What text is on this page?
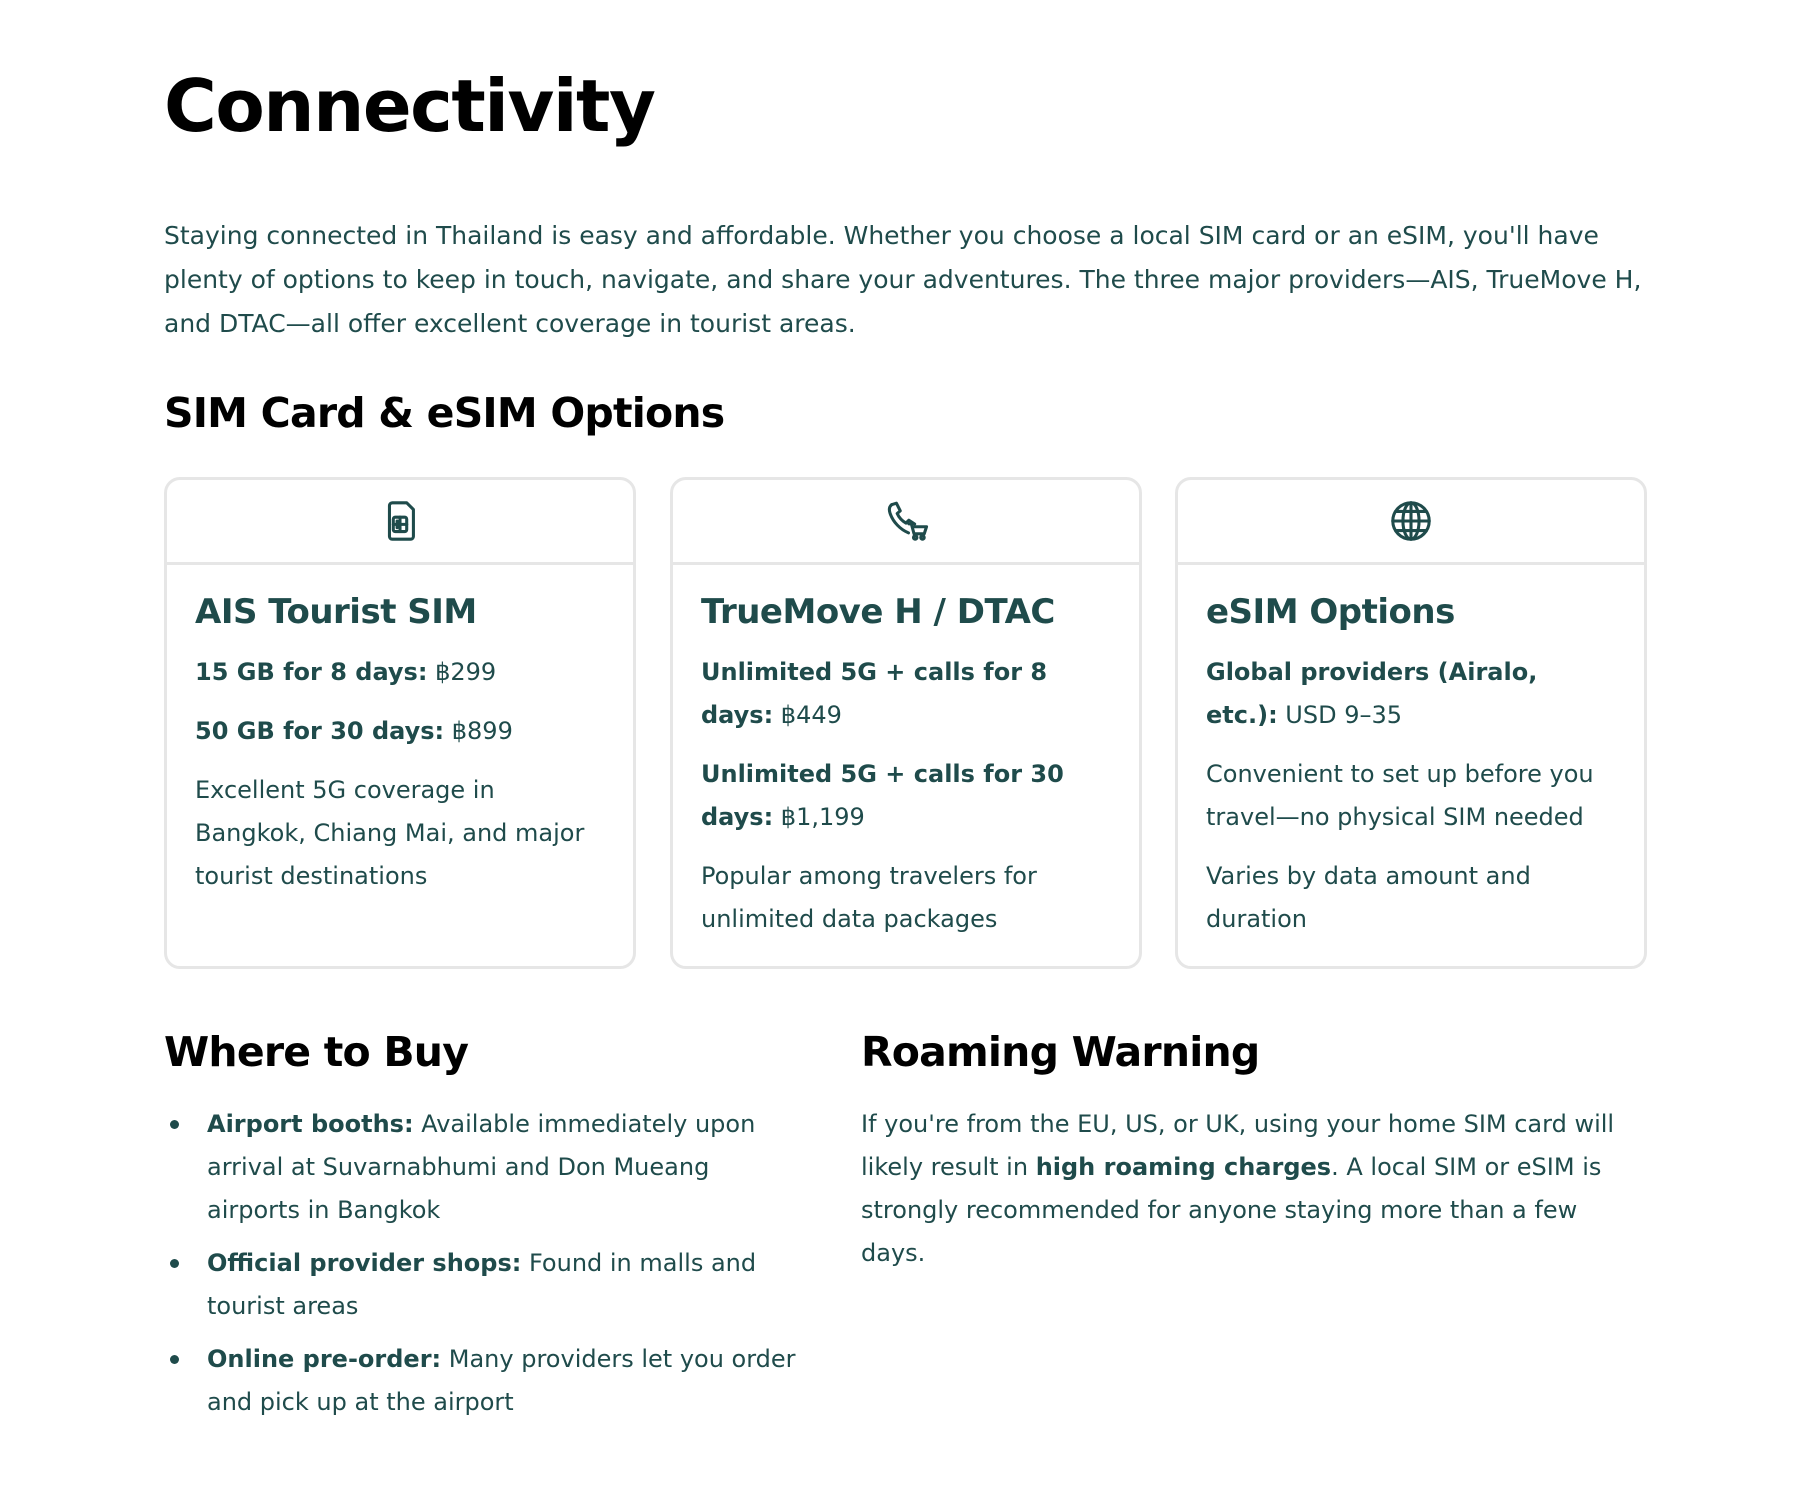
Connectivity

Staying connected in Thailand is easy and affordable. Whether you choose a local SIM card or an eSIM, you'll have plenty of options to keep in touch, navigate, and share your adventures. The three major providers—AIS, TrueMove H, and DTAC—all offer excellent coverage in tourist areas.

SIM Card & eSIM Options
AIS Tourist SIM
15 GB for 8 days: ฿299
50 GB for 30 days: ฿899

Excellent 5G coverage in Bangkok, Chiang Mai, and major tourist destinations

TrueMove H / DTAC
Unlimited 5G + calls for 8 days: ฿449
Unlimited 5G + calls for 30 days: ฿1,199

Popular among travelers for unlimited data packages

eSIM Options
Global providers (Airalo, etc.): USD 9–35
Convenient to set up before you travel—no physical SIM needed

Varies by data amount and duration

Where to Buy
Airport booths: Available immediately upon arrival at Suvarnabhumi and Don Mueang airports in Bangkok
Official provider shops: Found in malls and tourist areas
Online pre-order: Many providers let you order and pick up at the airport
Roaming Warning

If you're from the EU, US, or UK, using your home SIM card will likely result in high roaming charges. A local SIM or eSIM is strongly recommended for anyone staying more than a few days.
